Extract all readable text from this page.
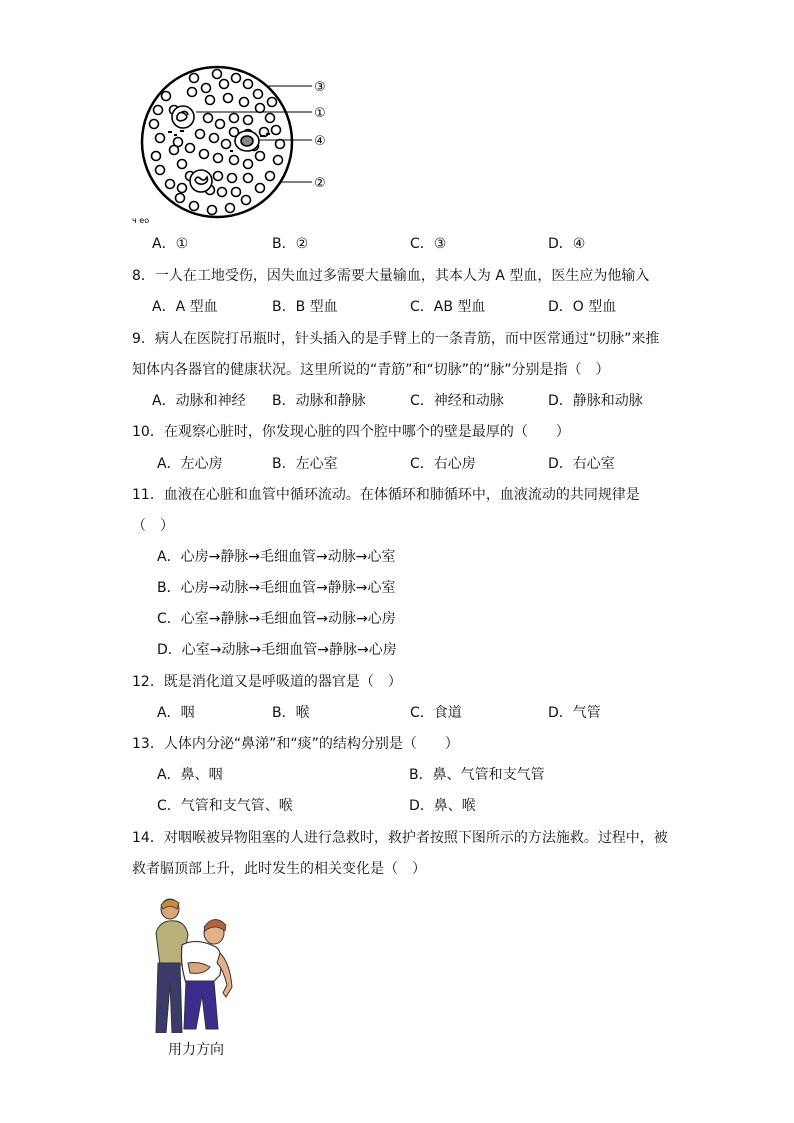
③
①
④
②
ч ео
A．①	B．②	C．③	D．④
8．一人在工地受伤，因失血过多需要大量输血，其本人为 A 型血，医生应为他输入
A．A 型血	B．B 型血	C．AB 型血	D．O 型血
9．病人在医院打吊瓶时，针头插入的是手臂上的一条青筋，而中医常通过“切脉”来推
知体内各器官的健康状况。这里所说的“青筋”和“切脉”的“脉”分别是指（　）
A．动脉和神经 B．动脉和静脉	C．神经和动脉	D．静脉和动脉
10．在观察心脏时，你发现心脏的四个腔中哪个的壁是最厚的（　　）
A．左心房	B．左心室	C．右心房	D．右心室
11．血液在心脏和血管中循环流动。在体循环和肺循环中，血液流动的共同规律是
（　）
A．心房→静脉→毛细血管→动脉→心室
B．心房→动脉→毛细血管→静脉→心室
C．心室→静脉→毛细血管→动脉→心房
D．心室→动脉→毛细血管→静脉→心房
12．既是消化道又是呼吸道的器官是（　）
A．咽	B．喉	C．食道	D．气管
13．人体内分泌“鼻涕”和“痰”的结构分别是（　　）
A．鼻、咽	B．鼻、气管和支气管
C．气管和支气管、喉	D．鼻、喉
14．对咽喉被异物阻塞的人进行急救时，救护者按照下图所示的方法施救。过程中，被
救者膈顶部上升，此时发生的相关变化是（　）
用力方向
